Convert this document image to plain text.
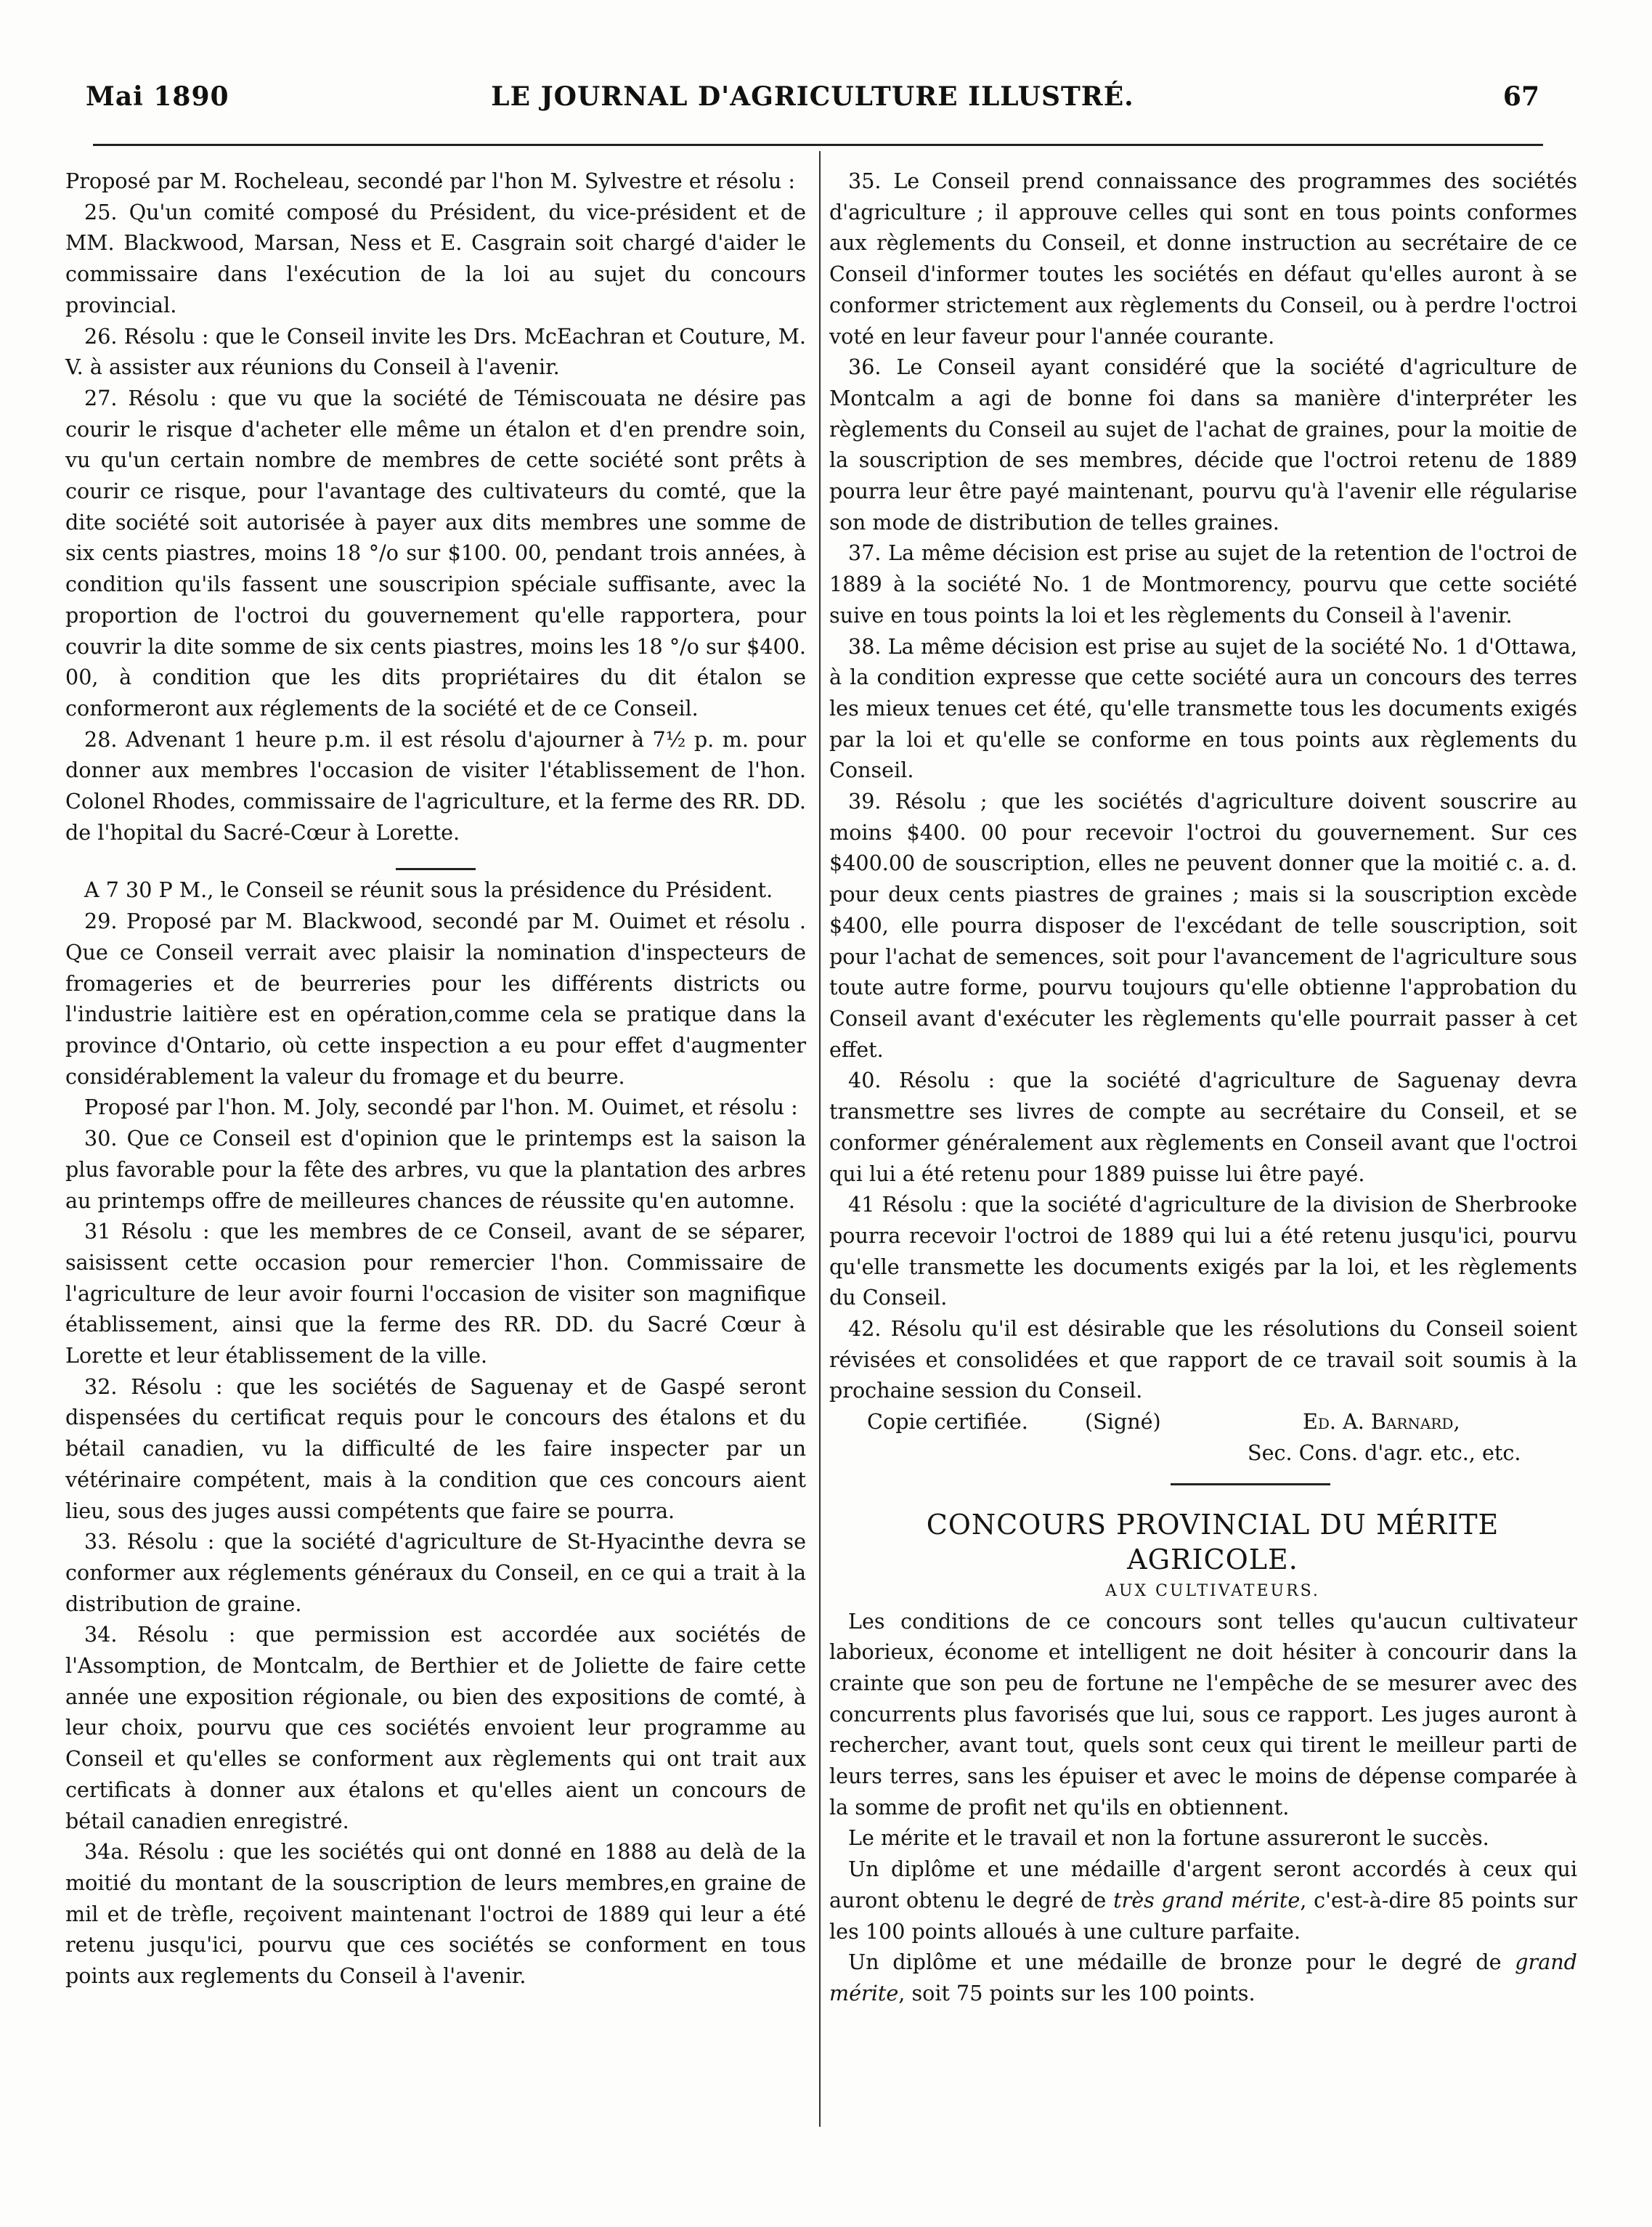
Mai 1890	LE JOURNAL D'AGRICULTURE ILLUSTRÉ.	67

Proposé par M. Rocheleau, secondé par l'hon M. Sylvestre et résolu :

25. Qu'un comité composé du Président, du vice-président et de MM. Blackwood, Marsan, Ness et E. Casgrain soit chargé d'aider le commissaire dans l'exécution de la loi au sujet du concours provincial.

26. Résolu : que le Conseil invite les Drs. McEachran et Couture, M. V. à assister aux réunions du Conseil à l'avenir.

27. Résolu : que vu que la société de Témiscouata ne désire pas courir le risque d'acheter elle même un étalon et d'en prendre soin, vu qu'un certain nombre de membres de cette société sont prêts à courir ce risque, pour l'avantage des cultivateurs du comté, que la dite société soit autorisée à payer aux dits membres une somme de six cents piastres, moins 18 °/o sur $100. 00, pendant trois années, à condition qu'ils fassent une souscripion spéciale suffisante, avec la proportion de l'octroi du gouvernement qu'elle rapportera, pour couvrir la dite somme de six cents piastres, moins les 18 °/o sur $400. 00, à condition que les dits propriétaires du dit étalon se conformeront aux réglements de la société et de ce Conseil.

28. Advenant 1 heure p.m. il est résolu d'ajourner à 7½ p. m. pour donner aux membres l'occasion de visiter l'établissement de l'hon. Colonel Rhodes, commissaire de l'agriculture, et la ferme des RR. DD. de l'hopital du Sacré-Cœur à Lorette.

A 7 30 P M., le Conseil se réunit sous la présidence du Président.

29. Proposé par M. Blackwood, secondé par M. Ouimet et résolu . Que ce Conseil verrait avec plaisir la nomination d'inspecteurs de fromageries et de beurreries pour les différents districts ou l'industrie laitière est en opération,comme cela se pratique dans la province d'Ontario, où cette inspection a eu pour effet d'augmenter considérablement la valeur du fromage et du beurre.

Proposé par l'hon. M. Joly, secondé par l'hon. M. Ouimet, et résolu :

30. Que ce Conseil est d'opinion que le printemps est la saison la plus favorable pour la fête des arbres, vu que la plantation des arbres au printemps offre de meilleures chances de réussite qu'en automne.

31 Résolu : que les membres de ce Conseil, avant de se séparer, saisissent cette occasion pour remercier l'hon. Commissaire de l'agriculture de leur avoir fourni l'occasion de visiter son magnifique établissement, ainsi que la ferme des RR. DD. du Sacré Cœur à Lorette et leur établissement de la ville.

32. Résolu : que les sociétés de Saguenay et de Gaspé seront dispensées du certificat requis pour le concours des étalons et du bétail canadien, vu la difficulté de les faire inspecter par un vétérinaire compétent, mais à la condition que ces concours aient lieu, sous des juges aussi compétents que faire se pourra.

33. Résolu : que la société d'agriculture de St-Hyacinthe devra se conformer aux réglements généraux du Conseil, en ce qui a trait à la distribution de graine.

34. Résolu : que permission est accordée aux sociétés de l'Assomption, de Montcalm, de Berthier et de Joliette de faire cette année une exposition régionale, ou bien des expositions de comté, à leur choix, pourvu que ces sociétés envoient leur programme au Conseil et qu'elles se conforment aux règlements qui ont trait aux certificats à donner aux étalons et qu'elles aient un concours de bétail canadien enregistré.

34a. Résolu : que les sociétés qui ont donné en 1888 au delà de la moitié du montant de la souscription de leurs membres,en graine de mil et de trèfle, reçoivent maintenant l'octroi de 1889 qui leur a été retenu jusqu'ici, pourvu que ces sociétés se conforment en tous points aux reglements du Conseil à l'avenir.

35. Le Conseil prend connaissance des programmes des sociétés d'agriculture ; il approuve celles qui sont en tous points conformes aux règlements du Conseil, et donne instruction au secrétaire de ce Conseil d'informer toutes les sociétés en défaut qu'elles auront à se conformer strictement aux règlements du Conseil, ou à perdre l'octroi voté en leur faveur pour l'année courante.

36. Le Conseil ayant considéré que la société d'agriculture de Montcalm a agi de bonne foi dans sa manière d'interpréter les règlements du Conseil au sujet de l'achat de graines, pour la moitie de la souscription de ses membres, décide que l'octroi retenu de 1889 pourra leur être payé maintenant, pourvu qu'à l'avenir elle régularise son mode de distribution de telles graines.

37. La même décision est prise au sujet de la retention de l'octroi de 1889 à la société No. 1 de Montmorency, pourvu que cette société suive en tous points la loi et les règlements du Conseil à l'avenir.

38. La même décision est prise au sujet de la société No. 1 d'Ottawa, à la condition expresse que cette société aura un concours des terres les mieux tenues cet été, qu'elle transmette tous les documents exigés par la loi et qu'elle se conforme en tous points aux règlements du Conseil.

39. Résolu ; que les sociétés d'agriculture doivent souscrire au moins $400. 00 pour recevoir l'octroi du gouvernement. Sur ces $400.00 de souscription, elles ne peuvent donner que la moitié c. a. d. pour deux cents piastres de graines ; mais si la souscription excède $400, elle pourra disposer de l'excédant de telle souscription, soit pour l'achat de semences, soit pour l'avancement de l'agriculture sous toute autre forme, pourvu toujours qu'elle obtienne l'approbation du Conseil avant d'exécuter les règlements qu'elle pourrait passer à cet effet.

40. Résolu : que la société d'agriculture de Saguenay devra transmettre ses livres de compte au secrétaire du Conseil, et se conformer généralement aux règlements en Conseil avant que l'octroi qui lui a été retenu pour 1889 puisse lui être payé.

41 Résolu : que la société d'agriculture de la division de Sherbrooke pourra recevoir l'octroi de 1889 qui lui a été retenu jusqu'ici, pourvu qu'elle transmette les documents exigés par la loi, et les règlements du Conseil.

42. Résolu qu'il est désirable que les résolutions du Conseil soient révisées et consolidées et que rapport de ce travail soit soumis à la prochaine session du Conseil.

Copie certifiée.	(Signé)	Ed. A. Barnard,

Sec. Cons. d'agr. etc., etc.

CONCOURS PROVINCIAL DU MÉRITE

AGRICOLE.

AUX CULTIVATEURS.

Les conditions de ce concours sont telles qu'aucun cultivateur laborieux, économe et intelligent ne doit hésiter à concourir dans la crainte que son peu de fortune ne l'empêche de se mesurer avec des concurrents plus favorisés que lui, sous ce rapport. Les juges auront à rechercher, avant tout, quels sont ceux qui tirent le meilleur parti de leurs terres, sans les épuiser et avec le moins de dépense comparée à la somme de profit net qu'ils en obtiennent.

Le mérite et le travail et non la fortune assureront le succès.

Un diplôme et une médaille d'argent seront accordés à ceux qui auront obtenu le degré de très grand mérite, c'est-à-dire 85 points sur les 100 points alloués à une culture parfaite.

Un diplôme et une médaille de bronze pour le degré de grand mérite, soit 75 points sur les 100 points.
